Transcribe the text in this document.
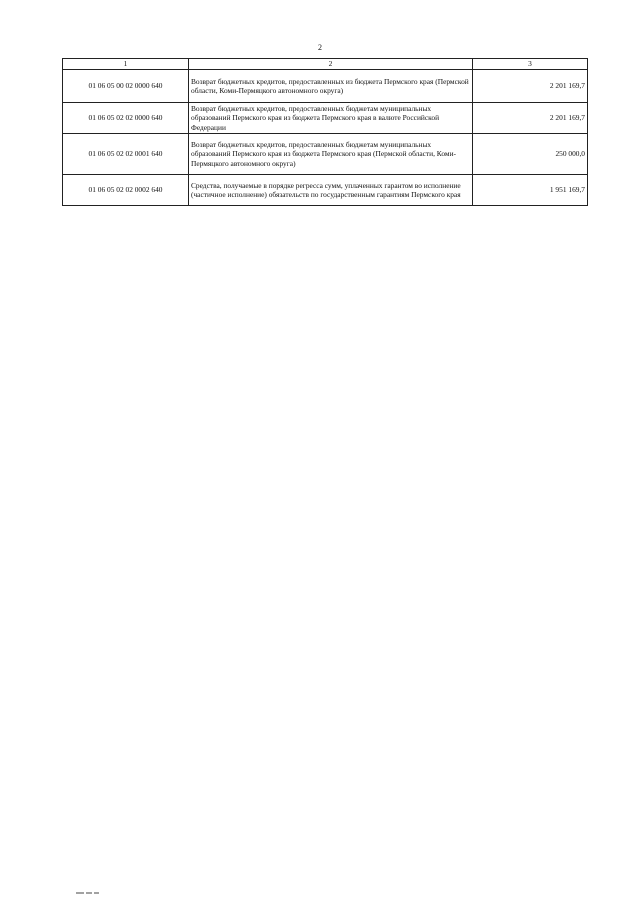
2
1	2	3
01 06 05 00 02 0000 640	Возврат бюджетных кредитов, предоставленных из бюджета Пермского края (Пермской области, Коми-Пермяцкого автономного округа)	2 201 169,7
01 06 05 02 02 0000 640	Возврат бюджетных кредитов, предоставленных бюджетам муниципальных образований Пермского края из бюджета Пермского края в валюте Российской Федерации	2 201 169,7
01 06 05 02 02 0001 640	Возврат бюджетных кредитов, предоставленных бюджетам муниципальных образований Пермского края из бюджета Пермского края (Пермской области, Коми-Пермяцкого автономного округа)	250 000,0
01 06 05 02 02 0002 640	Средства, получаемые в порядке регресса сумм, уплаченных гарантом во исполнение (частичное исполнение) обязательств по государственным гарантиям Пермского края	1 951 169,7
